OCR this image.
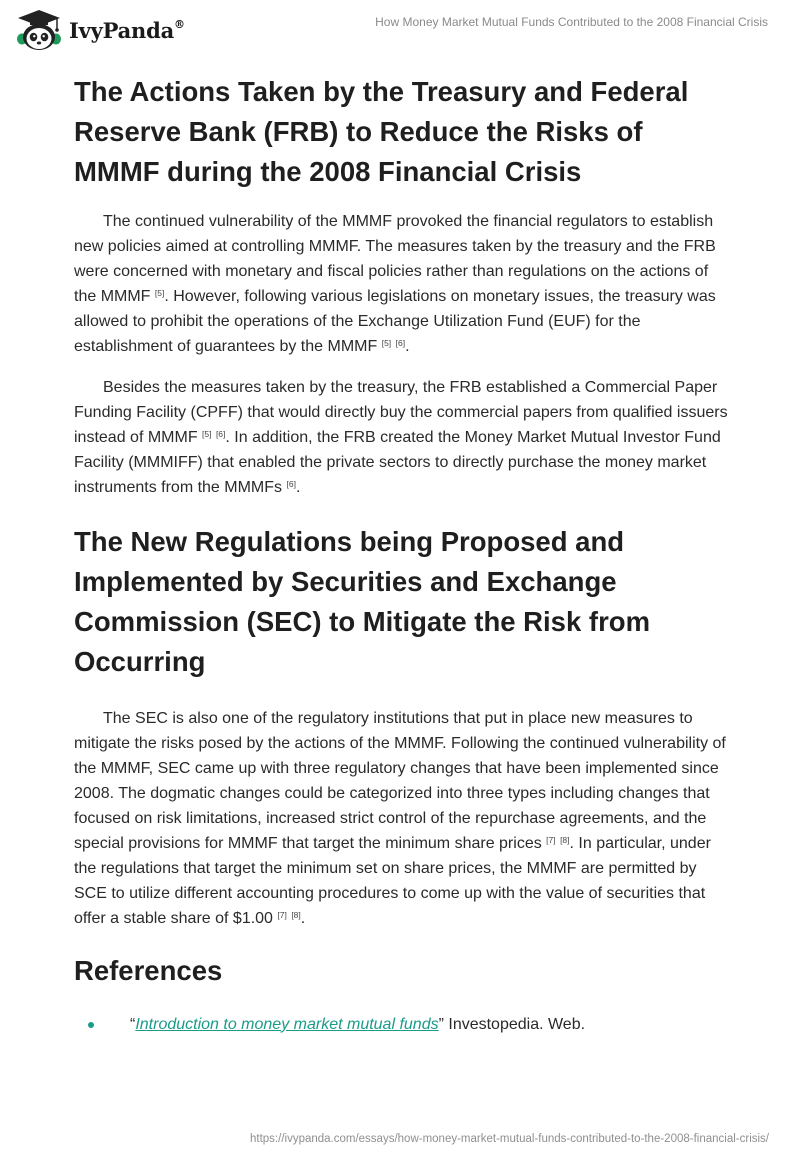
IvyPanda®	How Money Market Mutual Funds Contributed to the 2008 Financial Crisis
The Actions Taken by the Treasury and Federal Reserve Bank (FRB) to Reduce the Risks of MMMF during the 2008 Financial Crisis

The continued vulnerability of the MMMF provoked the financial regulators to establish new policies aimed at controlling MMMF. The measures taken by the treasury and the FRB were concerned with monetary and fiscal policies rather than regulations on the actions of the MMMF [5]. However, following various legislations on monetary issues, the treasury was allowed to prohibit the operations of the Exchange Utilization Fund (EUF) for the establishment of guarantees by the MMMF [5] [6].

Besides the measures taken by the treasury, the FRB established a Commercial Paper Funding Facility (CPFF) that would directly buy the commercial papers from qualified issuers instead of MMMF [5] [6]. In addition, the FRB created the Money Market Mutual Investor Fund Facility (MMMIFF) that enabled the private sectors to directly purchase the money market instruments from the MMMFs [6].

The New Regulations being Proposed and Implemented by Securities and Exchange Commission (SEC) to Mitigate the Risk from Occurring

The SEC is also one of the regulatory institutions that put in place new measures to mitigate the risks posed by the actions of the MMMF. Following the continued vulnerability of the MMMF, SEC came up with three regulatory changes that have been implemented since 2008. The dogmatic changes could be categorized into three types including changes that focused on risk limitations, increased strict control of the repurchase agreements, and the special provisions for MMMF that target the minimum share prices [7] [8]. In particular, under the regulations that target the minimum set on share prices, the MMMF are permitted by SCE to utilize different accounting procedures to come up with the value of securities that offer a stable share of $1.00 [7] [8].

References
“Introduction to money market mutual funds” Investopedia. Web.
https://ivypanda.com/essays/how-money-market-mutual-funds-contributed-to-the-2008-financial-crisis/
